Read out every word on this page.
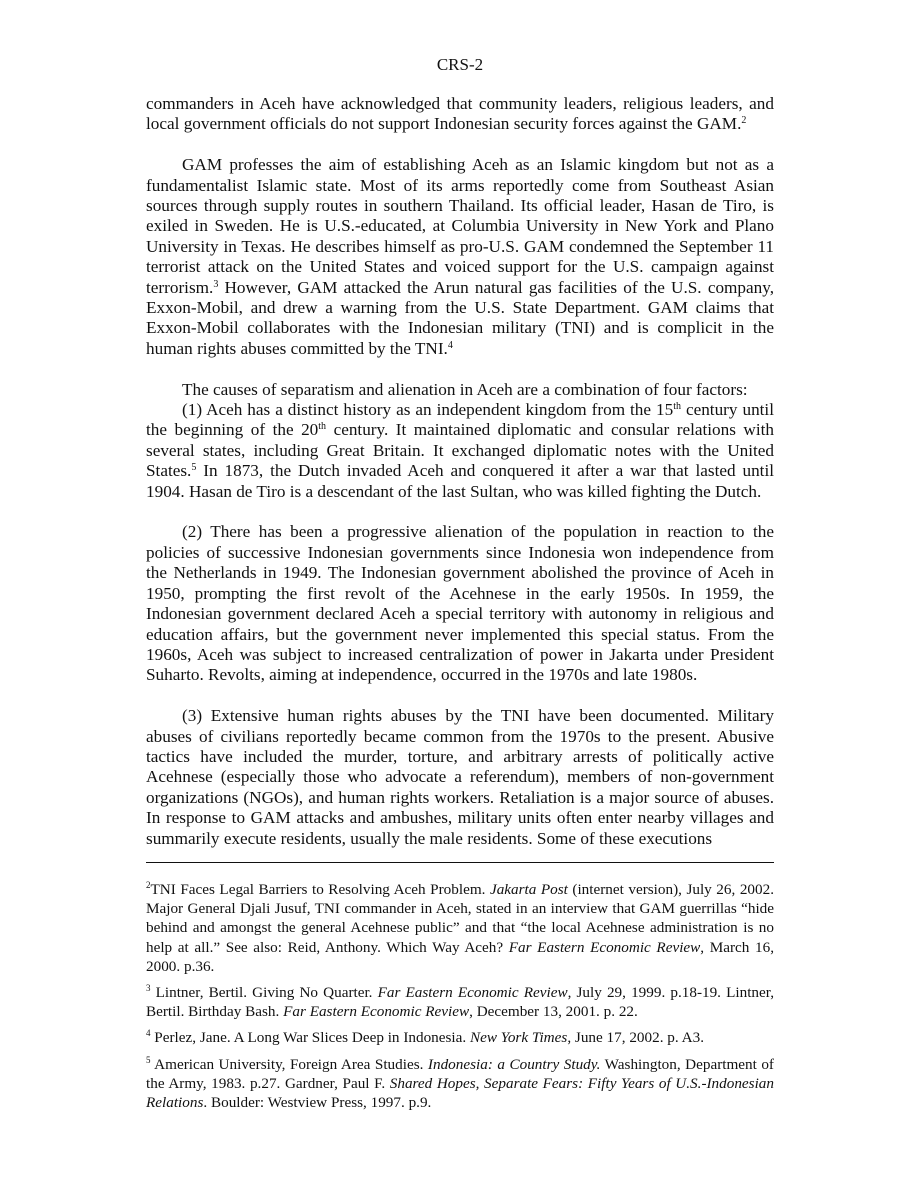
CRS-2

commanders in Aceh have acknowledged that community leaders, religious leaders, and local government officials do not support Indonesian security forces against the GAM.$^2$

GAM professes the aim of establishing Aceh as an Islamic kingdom but not as a fundamentalist Islamic state. Most of its arms reportedly come from Southeast Asian sources through supply routes in southern Thailand. Its official leader, Hasan de Tiro, is exiled in Sweden. He is U.S.-educated, at Columbia University in New York and Plano University in Texas. He describes himself as pro-U.S. GAM condemned the September 11 terrorist attack on the United States and voiced support for the U.S. campaign against terrorism.$^3$ However, GAM attacked the Arun natural gas facilities of the U.S. company, Exxon-Mobil, and drew a warning from the U.S. State Department. GAM claims that Exxon-Mobil collaborates with the Indonesian military (TNI) and is complicit in the human rights abuses committed by the TNI.$^4$

The causes of separatism and alienation in Aceh are a combination of four factors:

(1) Aceh has a distinct history as an independent kingdom from the 15th century until the beginning of the 20th century. It maintained diplomatic and consular relations with several states, including Great Britain. It exchanged diplomatic notes with the United States.$^5$ In 1873, the Dutch invaded Aceh and conquered it after a war that lasted until 1904. Hasan de Tiro is a descendant of the last Sultan, who was killed fighting the Dutch.

(2) There has been a progressive alienation of the population in reaction to the policies of successive Indonesian governments since Indonesia won independence from the Netherlands in 1949. The Indonesian government abolished the province of Aceh in 1950, prompting the first revolt of the Acehnese in the early 1950s. In 1959, the Indonesian government declared Aceh a special territory with autonomy in religious and education affairs, but the government never implemented this special status. From the 1960s, Aceh was subject to increased centralization of power in Jakarta under President Suharto. Revolts, aiming at independence, occurred in the 1970s and late 1980s.

(3) Extensive human rights abuses by the TNI have been documented. Military abuses of civilians reportedly became common from the 1970s to the present. Abusive tactics have included the murder, torture, and arbitrary arrests of politically active Acehnese (especially those who advocate a referendum), members of non-government organizations (NGOs), and human rights workers. Retaliation is a major source of abuses. In response to GAM attacks and ambushes, military units often enter nearby villages and summarily execute residents, usually the male residents. Some of these executions

$^2$TNI Faces Legal Barriers to Resolving Aceh Problem. Jakarta Post (internet version), July 26, 2002. Major General Djali Jusuf, TNI commander in Aceh, stated in an interview that GAM guerrillas “hide behind and amongst the general Acehnese public” and that “the local Acehnese administration is no help at all.” See also: Reid, Anthony. Which Way Aceh? Far Eastern Economic Review, March 16, 2000. p.36.

$^3$ Lintner, Bertil. Giving No Quarter. Far Eastern Economic Review, July 29, 1999. p.18-19. Lintner, Bertil. Birthday Bash. Far Eastern Economic Review, December 13, 2001. p. 22.

$^4$ Perlez, Jane. A Long War Slices Deep in Indonesia. New York Times, June 17, 2002. p. A3.

$^5$ American University, Foreign Area Studies. Indonesia: a Country Study. Washington, Department of the Army, 1983. p.27. Gardner, Paul F. Shared Hopes, Separate Fears: Fifty Years of U.S.-Indonesian Relations. Boulder: Westview Press, 1997. p.9.
